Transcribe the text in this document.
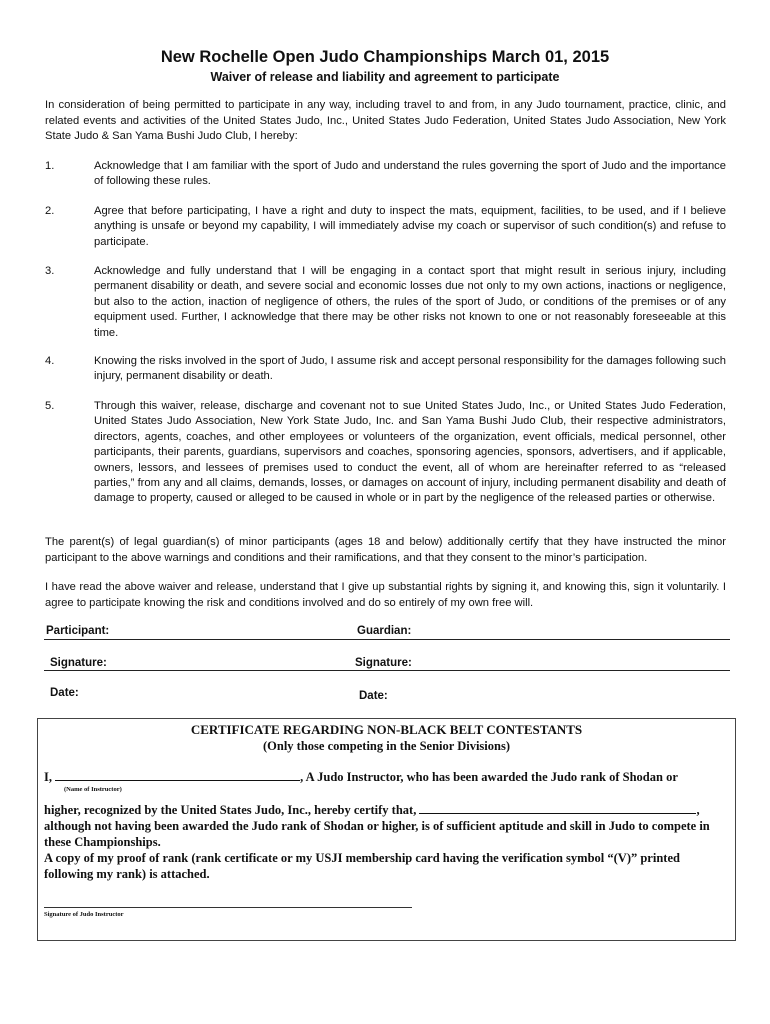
New Rochelle Open Judo Championships March 01, 2015
Waiver of release and liability and agreement to participate
In consideration of being permitted to participate in any way, including travel to and from, in any Judo tournament, practice, clinic, and related events and activities of the United States Judo, Inc., United States Judo Federation, United States Judo Association, New York State Judo & San Yama Bushi Judo Club, I hereby:
1.	Acknowledge that I am familiar with the sport of Judo and understand the rules governing the sport of Judo and the importance of following these rules.
2.	Agree that before participating, I have a right and duty to inspect the mats, equipment, facilities, to be used, and if I believe anything is unsafe or beyond my capability, I will immediately advise my coach or supervisor of such condition(s) and refuse to participate.
3.	Acknowledge and fully understand that I will be engaging in a contact sport that might result in serious injury, including permanent disability or death, and severe social and economic losses due not only to my own actions, inactions or negligence, but also to the action, inaction of negligence of others, the rules of the sport of Judo, or conditions of the premises or of any equipment used. Further, I acknowledge that there may be other risks not known to one or not reasonably foreseeable at this time.
4.	Knowing the risks involved in the sport of Judo, I assume risk and accept personal responsibility for the damages following such injury, permanent disability or death.
5.	Through this waiver, release, discharge and covenant not to sue United States Judo, Inc., or United States Judo Federation, United States Judo Association, New York State Judo, Inc. and San Yama Bushi Judo Club, their respective administrators, directors, agents, coaches, and other employees or volunteers of the organization, event officials, medical personnel, other participants, their parents, guardians, supervisors and coaches, sponsoring agencies, sponsors, advertisers, and if applicable, owners, lessors, and lessees of premises used to conduct the event, all of whom are hereinafter referred to as “released parties,” from any and all claims, demands, losses, or damages on account of injury, including permanent disability and death of damage to property, caused or alleged to be caused in whole or in part by the negligence of the released parties or otherwise.
The parent(s) of legal guardian(s) of minor participants (ages 18 and below) additionally certify that they have instructed the minor participant to the above warnings and conditions and their ramifications, and that they consent to the minor’s participation.
I have read the above waiver and release, understand that I give up substantial rights by signing it, and knowing this, sign it voluntarily. I agree to participate knowing the risk and conditions involved and do so entirely of my own free will.
Participant:	Guardian:
Signature:	Signature:
Date:	Date:
CERTIFICATE REGARDING NON-BLACK BELT CONTESTANTS
(Only those competing in the Senior Divisions)
I,	, A Judo Instructor, who has been awarded the Judo rank of Shodan or
(Name of Instructor)
higher, recognized by the United States Judo, Inc., hereby certify that,	,
although not having been awarded the Judo rank of Shodan or higher, is of sufficient aptitude and skill in Judo to compete in these Championships.
A copy of my proof of rank (rank certificate or my USJI membership card having the verification symbol “(V)” printed following my rank) is attached.
Signature of Judo Instructor
